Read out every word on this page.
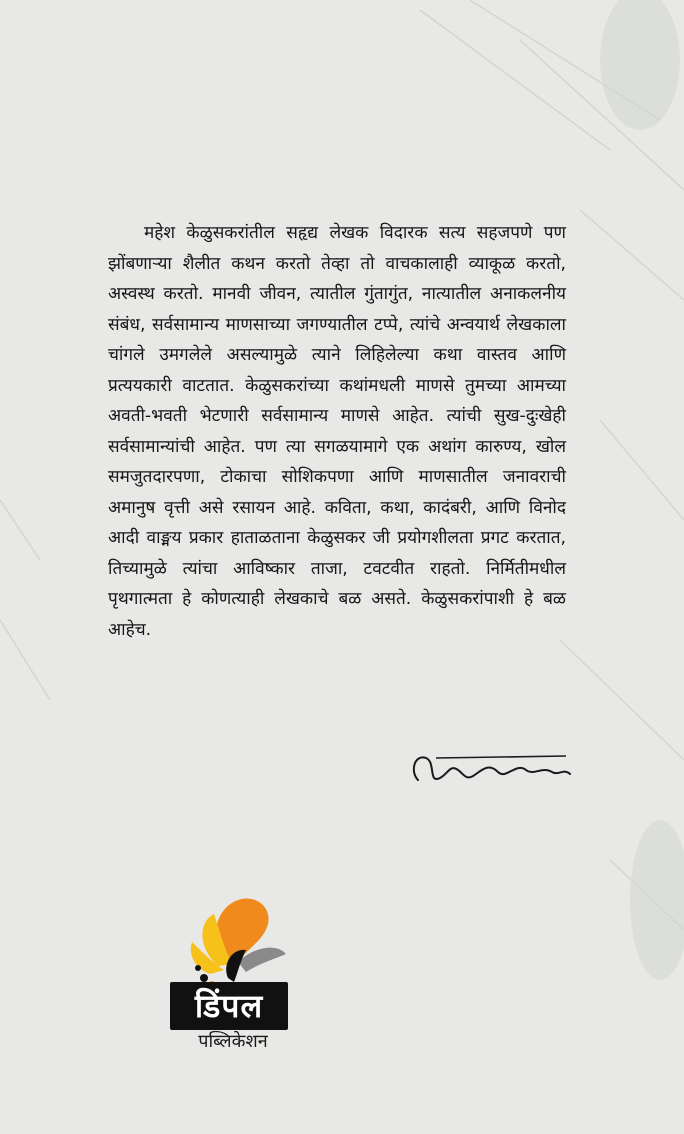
महेश केळुसकरांतील सहृद्य लेखक विदारक सत्य सहजपणे पण झोंबणाऱ्या शैलीत कथन करतो तेव्हा तो वाचकालाही व्याकूळ करतो, अस्वस्थ करतो. मानवी जीवन, त्यातील गुंतागुंत, नात्यातील अनाकलनीय संबंध, सर्वसामान्य माणसाच्या जगण्यातील टप्पे, त्यांचे अन्वयार्थ लेखकाला चांगले उमगलेले असल्यामुळे त्याने लिहिलेल्या कथा वास्तव आणि प्रत्ययकारी वाटतात. केळुसकरांच्या कथांमधली माणसे तुमच्या आमच्या अवती-भवती भेटणारी सर्वसामान्य माणसे आहेत. त्यांची सुख-दुःखेही सर्वसामान्यांची आहेत. पण त्या सगळयामागे एक अथांग कारुण्य, खोल समजुतदारपणा, टोकाचा सोशिकपणा आणि माणसातील जनावराची अमानुष वृत्ती असे रसायन आहे. कविता, कथा, कादंबरी, आणि विनोद आदी वाङ्मय प्रकार हाताळताना केळुसकर जी प्रयोगशीलता प्रगट करतात, तिच्यामुळे त्यांचा आविष्कार ताजा, टवटवीत राहतो. निर्मितीमधील पृथगात्मता हे कोणत्याही लेखकाचे बळ असते. केळुसकरांपाशी हे बळ आहेच.

मधु मंगेश कर्णिक
डिंपल
पब्लिकेशन
